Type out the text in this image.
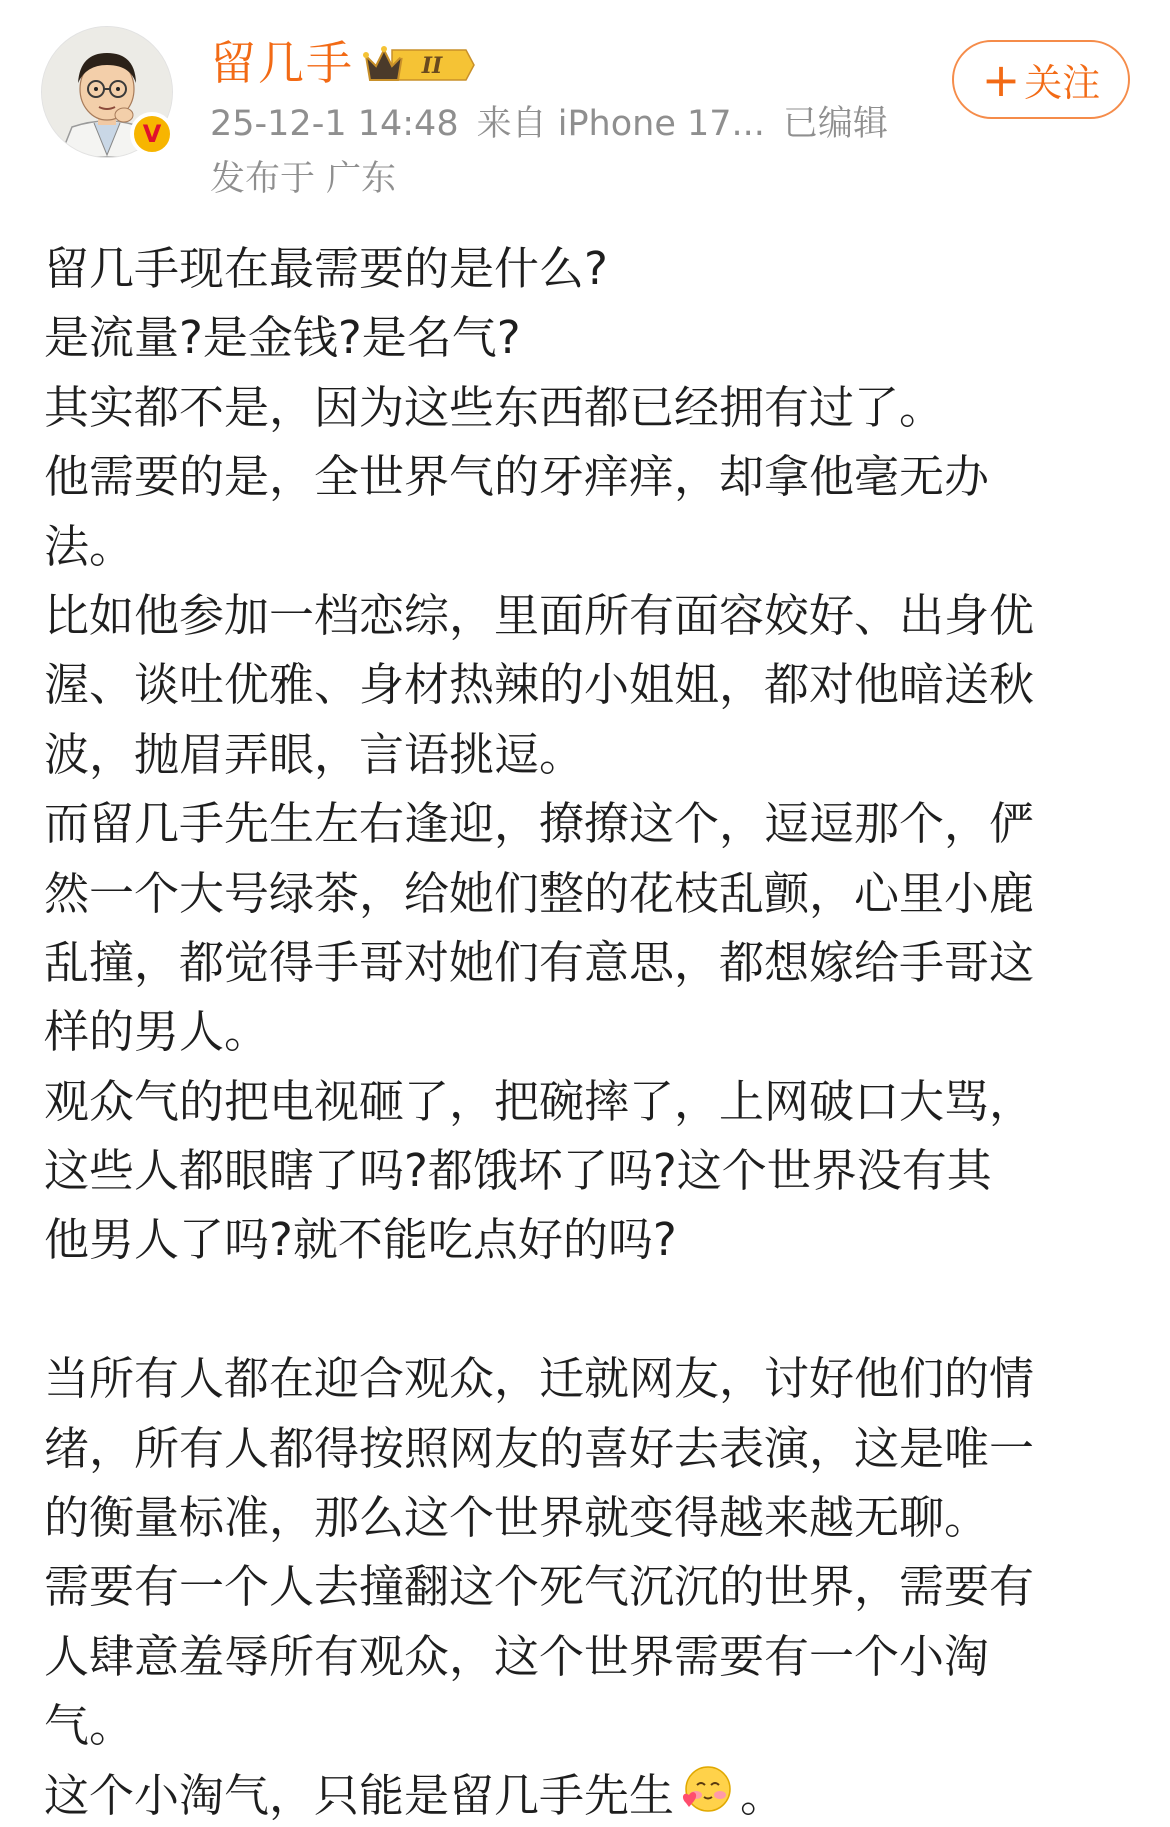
V
留几手	II
25-12-1 14:48 来自 iPhone 17... 已编辑
发布于 广东
+ 关注
留几手现在最需要的是什么?
是流量?是金钱?是名气?
其实都不是，因为这些东西都已经拥有过了。
他需要的是，全世界气的牙痒痒，却拿他毫无办
法。
比如他参加一档恋综，里面所有面容姣好、出身优
渥、谈吐优雅、身材热辣的小姐姐，都对他暗送秋
波，抛眉弄眼，言语挑逗。
而留几手先生左右逢迎，撩撩这个，逗逗那个，俨
然一个大号绿茶，给她们整的花枝乱颤，心里小鹿
乱撞，都觉得手哥对她们有意思，都想嫁给手哥这
样的男人。
观众气的把电视砸了，把碗摔了，上网破口大骂，
这些人都眼瞎了吗?都饿坏了吗?这个世界没有其
他男人了吗?就不能吃点好的吗?
当所有人都在迎合观众，迁就网友，讨好他们的情
绪，所有人都得按照网友的喜好去表演，这是唯一
的衡量标准，那么这个世界就变得越来越无聊。
需要有一个人去撞翻这个死气沉沉的世界，需要有
人肆意羞辱所有观众，这个世界需要有一个小淘
气。
这个小淘气，只能是留几手先生 。
